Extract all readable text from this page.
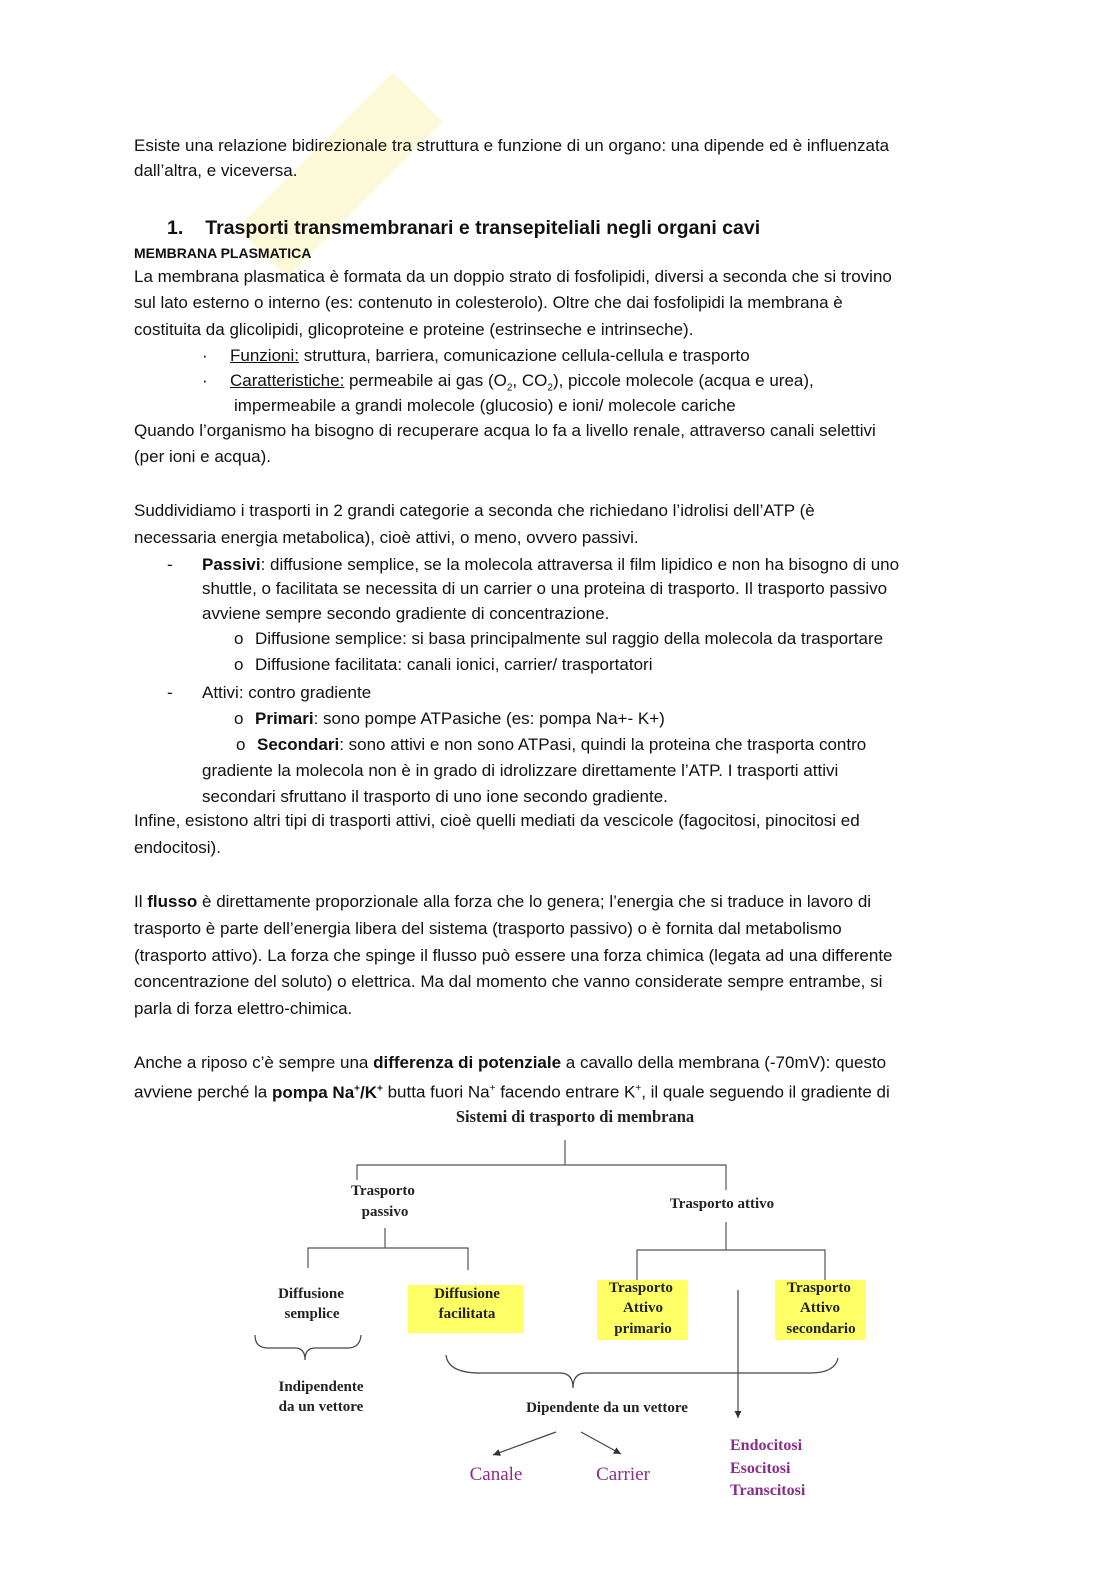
Esiste una relazione bidirezionale tra struttura e funzione di un organo: una dipende ed è influenzata
dall’altra, e viceversa.
1. Trasporti transmembranari e transepiteliali negli organi cavi
MEMBRANA PLASMATICA
La membrana plasmatica è formata da un doppio strato di fosfolipidi, diversi a seconda che si trovino
sul lato esterno o interno (es: contenuto in colesterolo). Oltre che dai fosfolipidi la membrana è
costituita da glicolipidi, glicoproteine e proteine (estrinseche e intrinseche).
· Funzioni: struttura, barriera, comunicazione cellula-cellula e trasporto
· Caratteristiche: permeabile ai gas ($O_2$, $CO_2$), piccole molecole (acqua e urea),
impermeabile a grandi molecole (glucosio) e ioni/ molecole cariche
Quando l’organismo ha bisogno di recuperare acqua lo fa a livello renale, attraverso canali selettivi
(per ioni e acqua).
Suddividiamo i trasporti in 2 grandi categorie a seconda che richiedano l’idrolisi dell’ATP (è
necessaria energia metabolica), cioè attivi, o meno, ovvero passivi.
- Passivi: diffusione semplice, se la molecola attraversa il film lipidico e non ha bisogno di uno
shuttle, o facilitata se necessita di un carrier o una proteina di trasporto. Il trasporto passivo
avviene sempre secondo gradiente di concentrazione.
o Diffusione semplice: si basa principalmente sul raggio della molecola da trasportare
o Diffusione facilitata: canali ionici, carrier/ trasportatori
- Attivi: contro gradiente
o Primari: sono pompe ATPasiche (es: pompa Na+- K+)
o Secondari: sono attivi e non sono ATPasi, quindi la proteina che trasporta contro
gradiente la molecola non è in grado di idrolizzare direttamente l’ATP. I trasporti attivi
secondari sfruttano il trasporto di uno ione secondo gradiente.
Infine, esistono altri tipi di trasporti attivi, cioè quelli mediati da vescicole (fagocitosi, pinocitosi ed
endocitosi).
Il flusso è direttamente proporzionale alla forza che lo genera; l’energia che si traduce in lavoro di
trasporto è parte dell’energia libera del sistema (trasporto passivo) o è fornita dal metabolismo
(trasporto attivo). La forza che spinge il flusso può essere una forza chimica (legata ad una differente
concentrazione del soluto) o elettrica. Ma dal momento che vanno considerate sempre entrambe, si
parla di forza elettro-chimica.
Anche a riposo c’è sempre una differenza di potenziale a cavallo della membrana (-70mV): questo
avviene perché la pompa Na+/K+ butta fuori Na+ facendo entrare K+, il quale seguendo il gradiente di
Sistemi di trasporto di membrana
Trasporto
passivo	Trasporto attivo
Diffusione
semplice
Diffusione
facilitata
Trasporto
Attivo
primario
Trasporto
Attivo
secondario
Indipendente
da un vettore	Dipendente da un vettore
Canale	Carrier
Endocitosi
Esocitosi
Transcitosi
